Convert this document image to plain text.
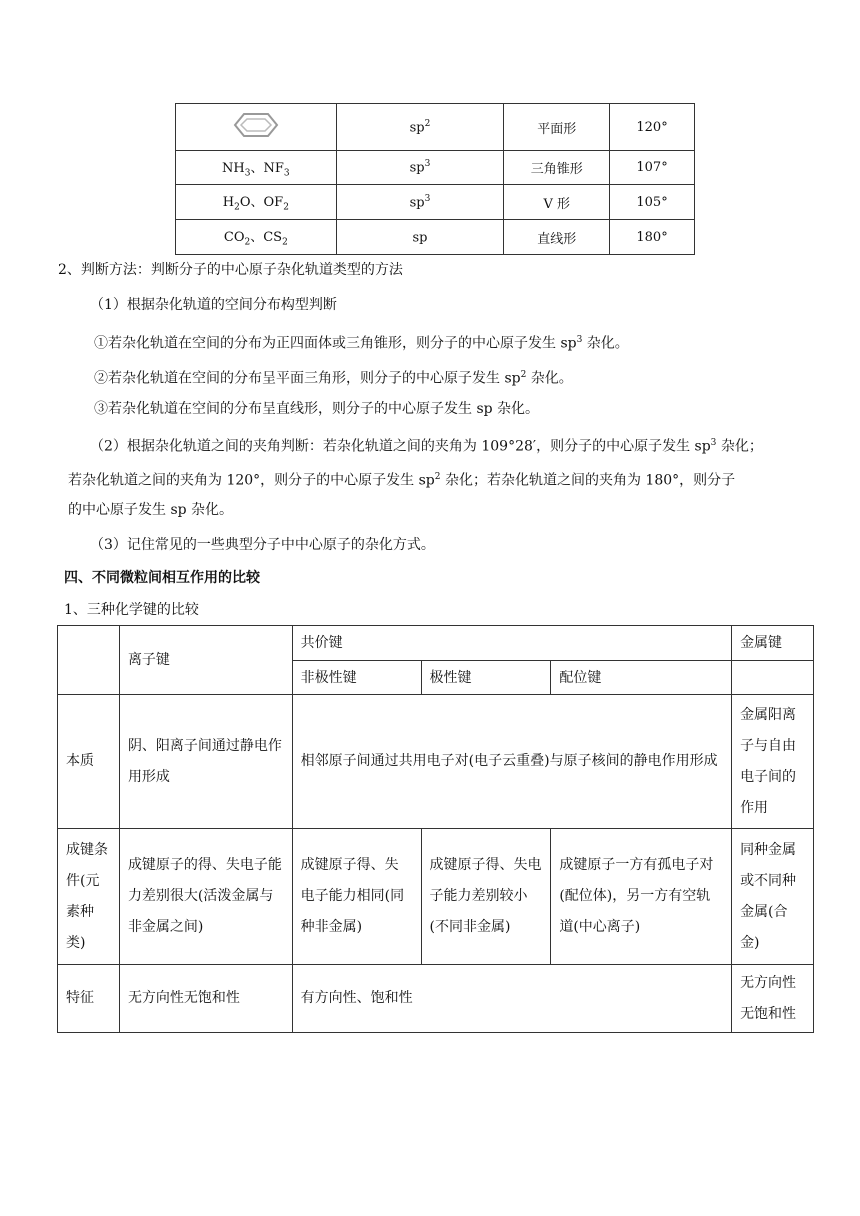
	$sp^2$	平面形	120°
$NH_3$、$NF_3$	$sp^3$	三角锥形	107°
$H_2O$、$OF_2$	$sp^3$	V 形	105°
$CO_2$、$CS_2$	sp	直线形	180°
2、判断方法：判断分子的中心原子杂化轨道类型的方法
（1）根据杂化轨道的空间分布构型判断
①若杂化轨道在空间的分布为正四面体或三角锥形，则分子的中心原子发生 $sp^3$ 杂化。
②若杂化轨道在空间的分布呈平面三角形，则分子的中心原子发生 $sp^2$ 杂化。
③若杂化轨道在空间的分布呈直线形，则分子的中心原子发生 sp 杂化。
（2）根据杂化轨道之间的夹角判断：若杂化轨道之间的夹角为 109°28′，则分子的中心原子发生 $sp^3$ 杂化；
若杂化轨道之间的夹角为 120°，则分子的中心原子发生 $sp^2$ 杂化；若杂化轨道之间的夹角为 180°，则分子
的中心原子发生 sp 杂化。
（3）记住常见的一些典型分子中中心原子的杂化方式。
四、不同微粒间相互作用的比较
1、三种化学键的比较
	离子键	共价键			金属键
		非极性键	极性键	配位键	
本质	阴、阳离子间通过静电作用形成	相邻原子间通过共用电子对(电子云重叠)与原子核间的静电作用形成			金属阳离子与自由电子间的作用
成键条件(元素种类)	成键原子的得、失电子能力差别很大(活泼金属与非金属之间)	成键原子得、失电子能力相同(同种非金属)	成键原子得、失电子能力差别较小(不同非金属)	成键原子一方有孤电子对(配位体)，另一方有空轨道(中心离子)	同种金属或不同种金属(合金)
特征	无方向性无饱和性	有方向性、饱和性			无方向性无饱和性
